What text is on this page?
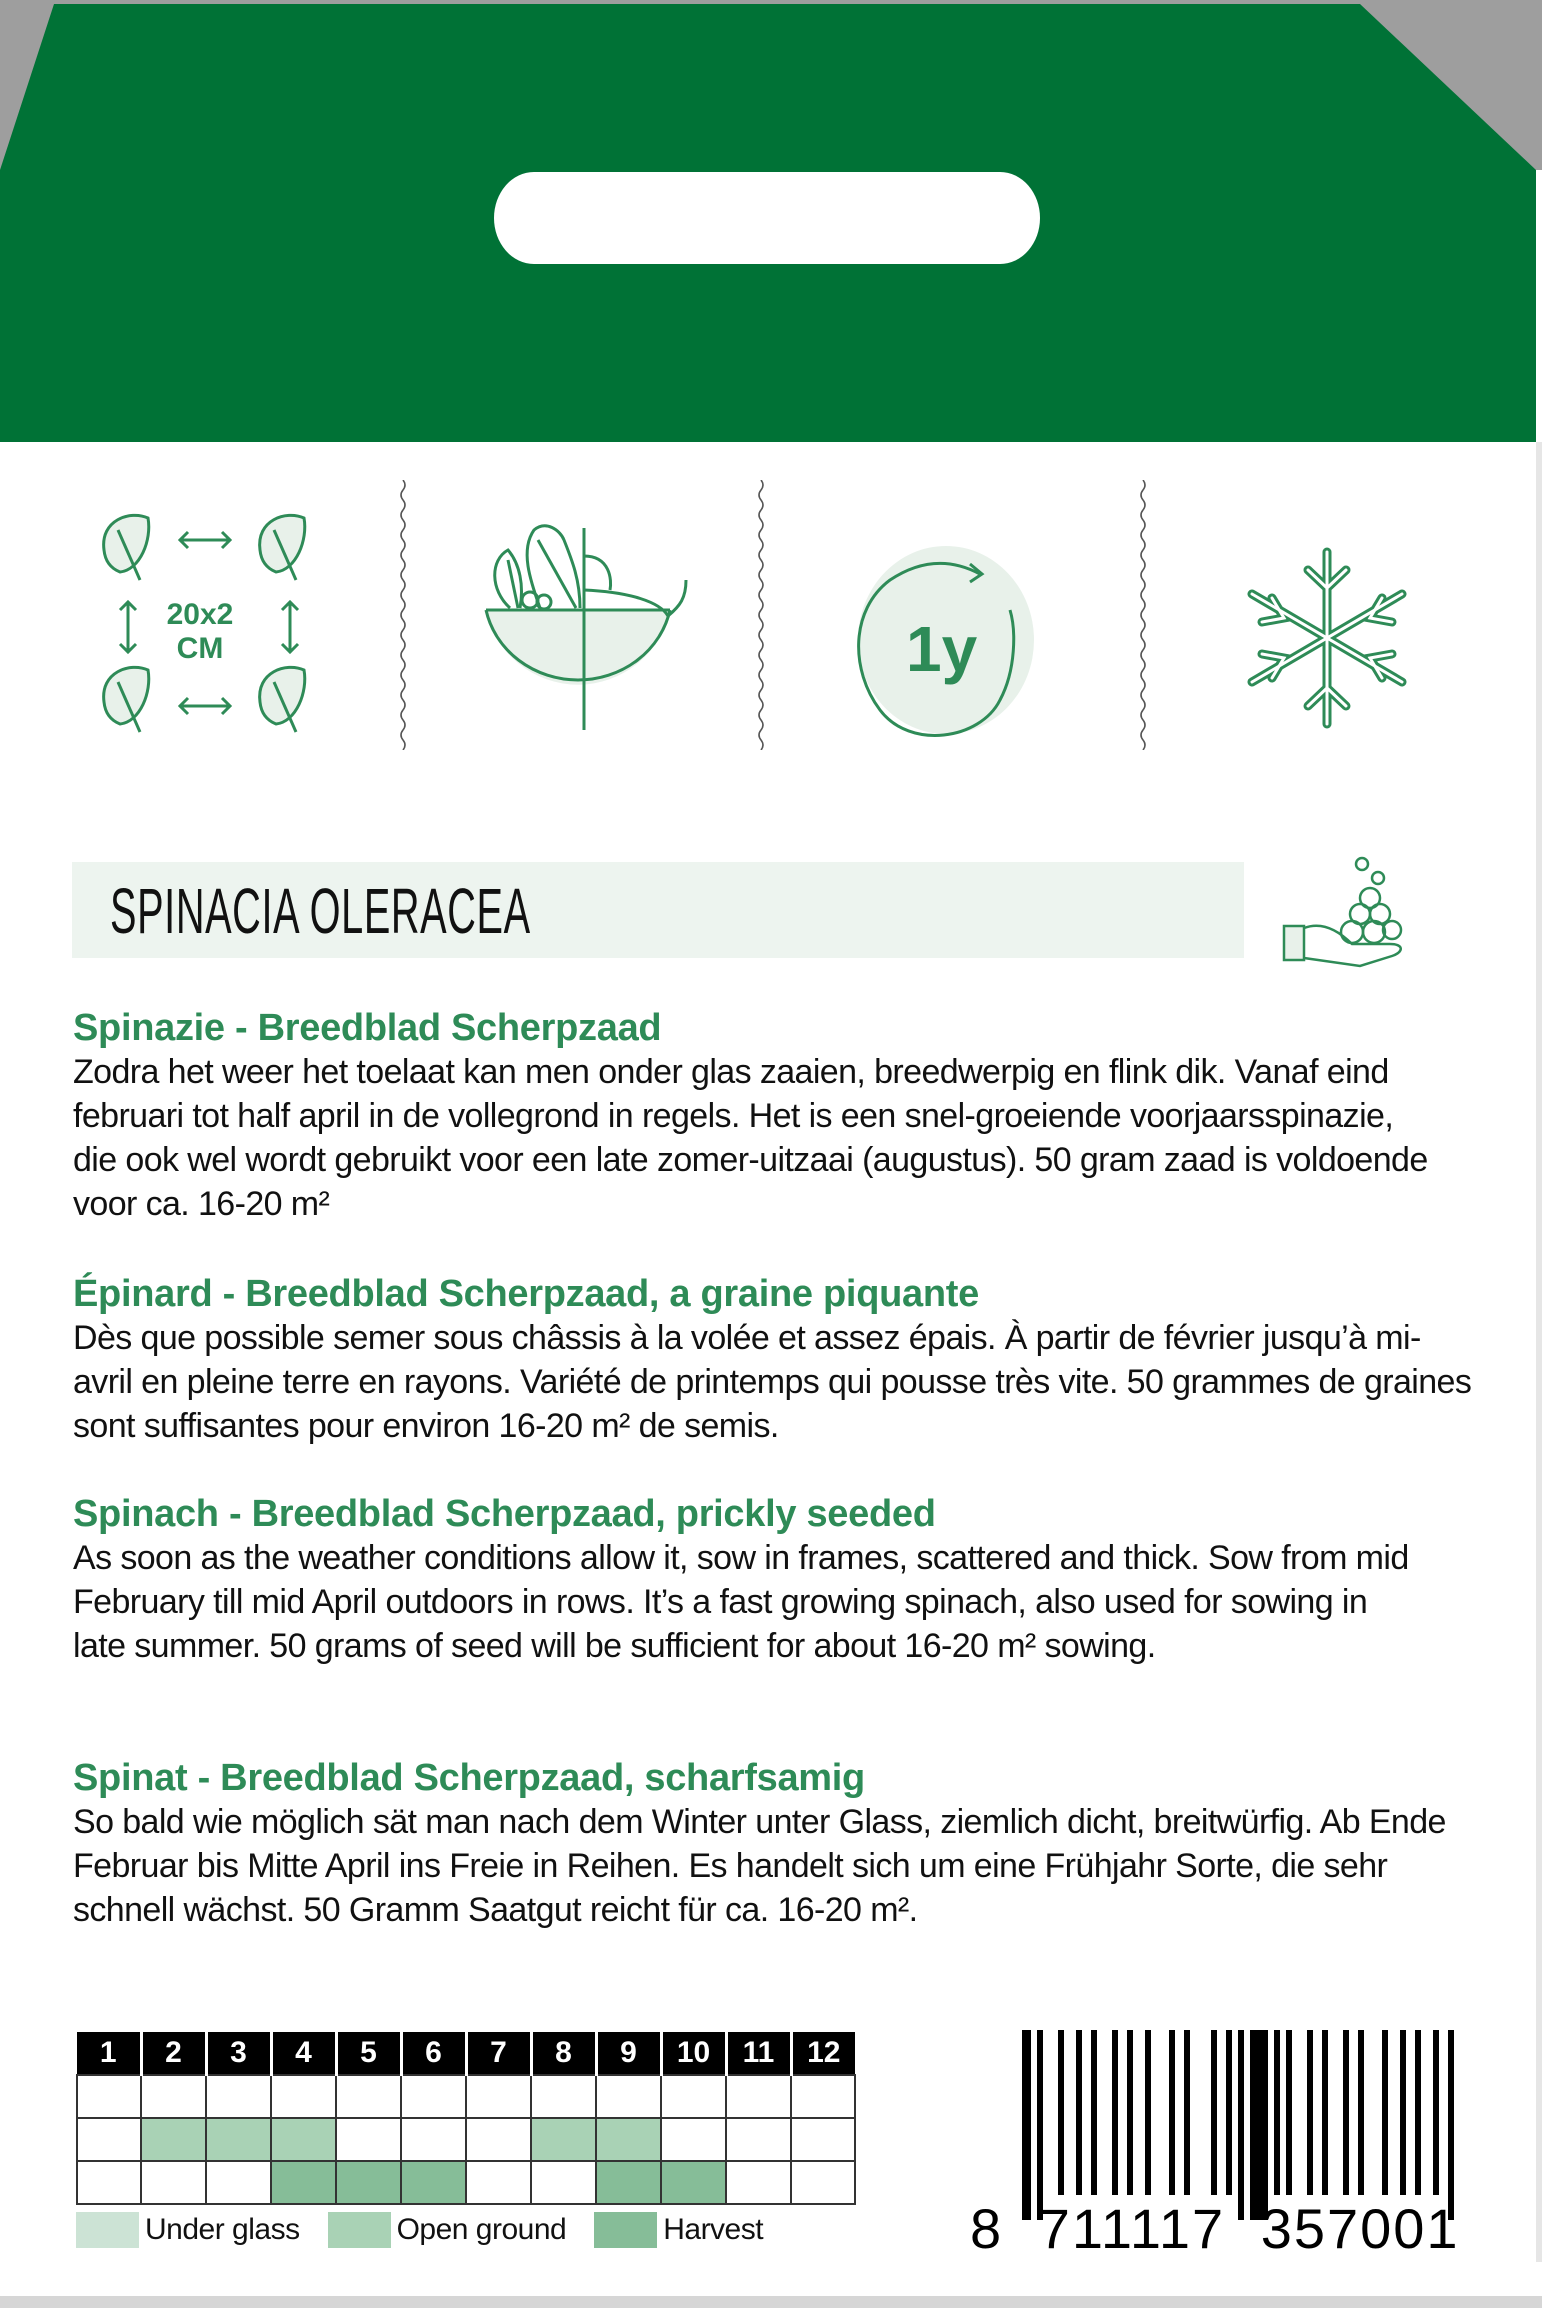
20x2
CM	1y
SPINACIA OLERACEA
Spinazie - Breedblad Scherpzaad

Zodra het weer het toelaat kan men onder glas zaaien, breedwerpig en flink dik. Vanaf eind februari tot half april in de vollegrond in regels. Het is een snel-groeiende voorjaarsspinazie, die ook wel wordt gebruikt voor een late zomer-uitzaai (augustus). 50 gram zaad is voldoende voor ca. 16-20 m²

Épinard - Breedblad Scherpzaad, a graine piquante

Dès que possible semer sous châssis à la volée et assez épais. À partir de février jusqu’à mi-avril en pleine terre en rayons. Variété de printemps qui pousse très vite. 50 grammes de graines sont suffisantes pour environ 16-20 m² de semis.

Spinach - Breedblad Scherpzaad, prickly seeded

As soon as the weather conditions allow it, sow in frames, scattered and thick. Sow from mid February till mid April outdoors in rows. It’s a fast growing spinach, also used for sowing in late summer. 50 grams of seed will be sufficient for about 16-20 m² sowing.

Spinat - Breedblad Scherpzaad, scharfsamig

So bald wie möglich sät man nach dem Winter unter Glass, ziemlich dicht, breitwürfig. Ab Ende Februar bis Mitte April ins Freie in Reihen. Es handelt sich um eine Frühjahr Sorte, die sehr schnell wächst. 50 Gramm Saatgut reicht für ca. 16-20 m².

1	2	3	4	5	6	7	8	9	10	11	12

Under glass	Open ground	Harvest	8 711117 357001
